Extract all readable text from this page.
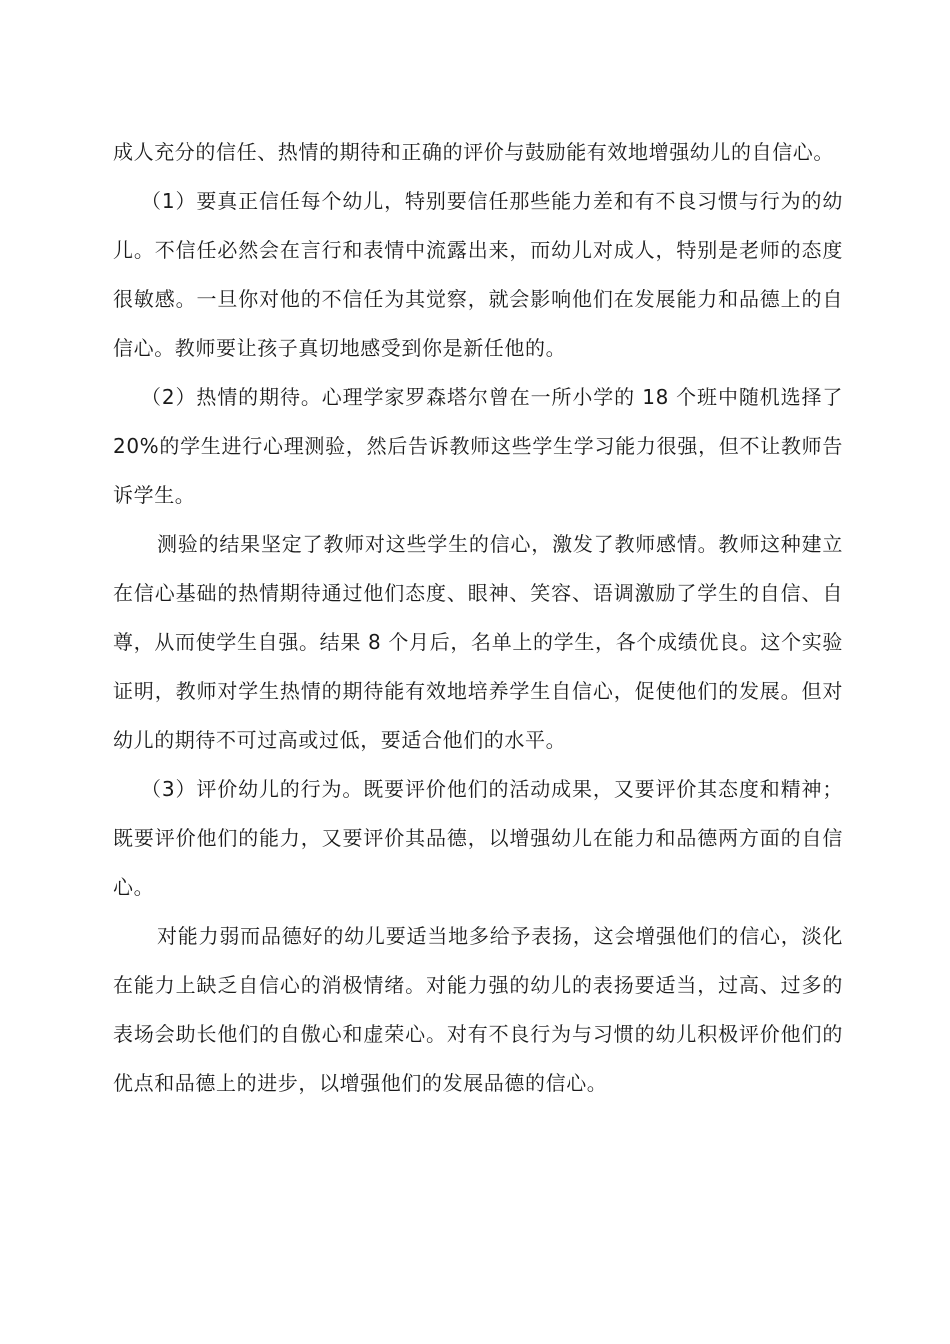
成人充分的信任、热情的期待和正确的评价与鼓励能有效地增强幼儿的自信心。

（1）要真正信任每个幼儿，特别要信任那些能力差和有不良习惯与行为的幼儿。不信任必然会在言行和表情中流露出来，而幼儿对成人，特别是老师的态度很敏感。一旦你对他的不信任为其觉察，就会影响他们在发展能力和品德上的自信心。教师要让孩子真切地感受到你是新任他的。

（2）热情的期待。心理学家罗森塔尔曾在一所小学的 18 个班中随机选择了 20%的学生进行心理测验，然后告诉教师这些学生学习能力很强，但不让教师告诉学生。

测验的结果坚定了教师对这些学生的信心，激发了教师感情。教师这种建立在信心基础的热情期待通过他们态度、眼神、笑容、语调激励了学生的自信、自尊，从而使学生自强。结果 8 个月后，名单上的学生，各个成绩优良。这个实验证明，教师对学生热情的期待能有效地培养学生自信心，促使他们的发展。但对幼儿的期待不可过高或过低，要适合他们的水平。

（3）评价幼儿的行为。既要评价他们的活动成果，又要评价其态度和精神；既要评价他们的能力，又要评价其品德，以增强幼儿在能力和品德两方面的自信心。

对能力弱而品德好的幼儿要适当地多给予表扬，这会增强他们的信心，淡化在能力上缺乏自信心的消极情绪。对能力强的幼儿的表扬要适当，过高、过多的表场会助长他们的自傲心和虚荣心。对有不良行为与习惯的幼儿积极评价他们的优点和品德上的进步，以增强他们的发展品德的信心。
